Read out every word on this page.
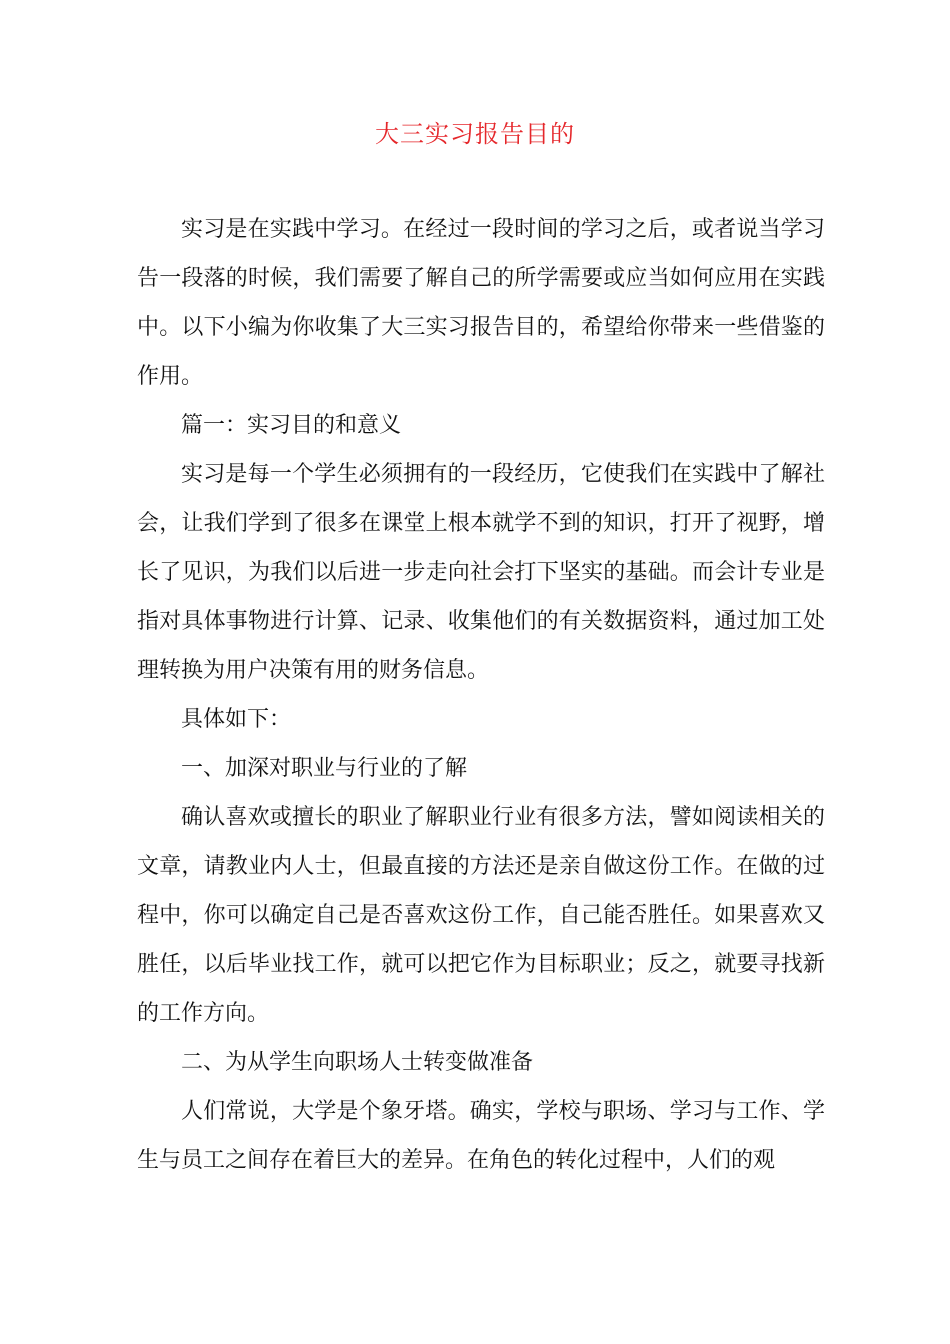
大三实习报告目的

实习是在实践中学习。在经过一段时间的学习之后，或者说当学习告一段落的时候，我们需要了解自己的所学需要或应当如何应用在实践中。以下小编为你收集了大三实习报告目的，希望给你带来一些借鉴的作用。

篇一：实习目的和意义

实习是每一个学生必须拥有的一段经历，它使我们在实践中了解社会，让我们学到了很多在课堂上根本就学不到的知识，打开了视野，增长了见识，为我们以后进一步走向社会打下坚实的基础。而会计专业是指对具体事物进行计算、记录、收集他们的有关数据资料，通过加工处理转换为用户决策有用的财务信息。

具体如下：

一、加深对职业与行业的了解

确认喜欢或擅长的职业了解职业行业有很多方法，譬如阅读相关的文章，请教业内人士，但最直接的方法还是亲自做这份工作。在做的过程中，你可以确定自己是否喜欢这份工作，自己能否胜任。如果喜欢又胜任，以后毕业找工作，就可以把它作为目标职业；反之，就要寻找新的工作方向。

二、为从学生向职场人士转变做准备

人们常说，大学是个象牙塔。确实，学校与职场、学习与工作、学生与员工之间存在着巨大的差异。在角色的转化过程中，人们的观
